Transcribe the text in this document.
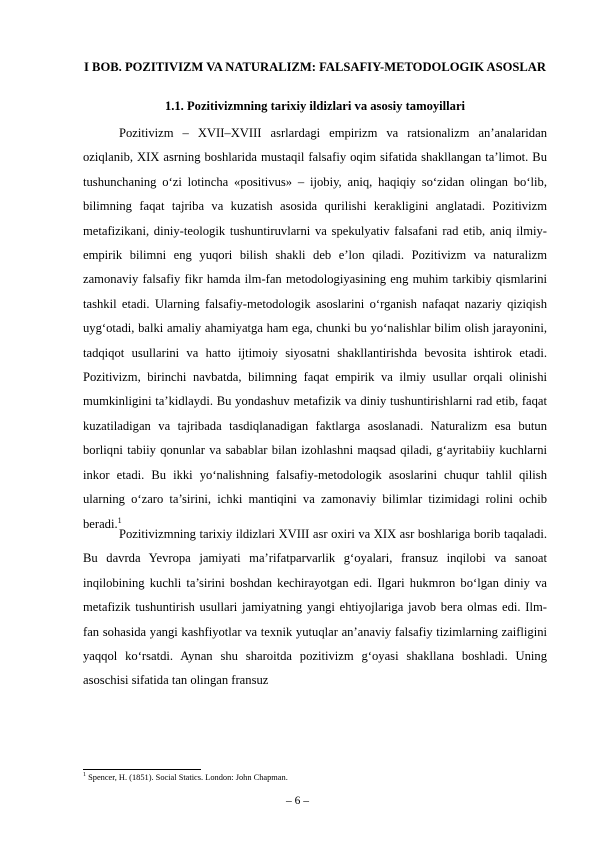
I BOB. POZITIVIZM VA NATURALIZM: FALSAFIY-METODOLOGIK ASOSLAR
1.1. Pozitivizmning tarixiy ildizlari va asosiy tamoyillari

Pozitivizm – XVII–XVIII asrlardagi empirizm va ratsionalizm an’analaridan oziqlanib, XIX asrning boshlarida mustaqil falsafiy oqim sifatida shakllangan ta’limot. Bu tushunchaning o‘zi lotincha «positivus» – ijobiy, aniq, haqiqiy so‘zidan olingan bo‘lib, bilimning faqat tajriba va kuzatish asosida qurilishi kerakligini anglatadi. Pozitivizm metafizikani, diniy-teologik tushuntiruvlarni va spekulyativ falsafani rad etib, aniq ilmiy-empirik bilimni eng yuqori bilish shakli deb e’lon qiladi. Pozitivizm va naturalizm zamonaviy falsafiy fikr hamda ilm-fan metodologiyasining eng muhim tarkibiy qismlarini tashkil etadi. Ularning falsafiy-metodologik asoslarini o‘rganish nafaqat nazariy qiziqish uyg‘otadi, balki amaliy ahamiyatga ham ega, chunki bu yo‘nalishlar bilim olish jarayonini, tadqiqot usullarini va hatto ijtimoiy siyosatni shakllantirishda bevosita ishtirok etadi. Pozitivizm, birinchi navbatda, bilimning faqat empirik va ilmiy usullar orqali olinishi mumkinligini ta’kidlaydi. Bu yondashuv metafizik va diniy tushuntirishlarni rad etib, faqat kuzatiladigan va tajribada tasdiqlanadigan faktlarga asoslanadi. Naturalizm esa butun borliqni tabiiy qonunlar va sabablar bilan izohlashni maqsad qiladi, g‘ayritabiiy kuchlarni inkor etadi. Bu ikki yo‘nalishning falsafiy-metodologik asoslarini chuqur tahlil qilish ularning o‘zaro ta’sirini, ichki mantiqini va zamonaviy bilimlar tizimidagi rolini ochib beradi.$^1$

Pozitivizmning tarixiy ildizlari XVIII asr oxiri va XIX asr boshlariga borib taqaladi. Bu davrda Yevropa jamiyati ma’rifatparvarlik g‘oyalari, fransuz inqilobi va sanoat inqilobining kuchli ta’sirini boshdan kechirayotgan edi. Ilgari hukmron bo‘lgan diniy va metafizik tushuntirish usullari jamiyatning yangi ehtiyojlariga javob bera olmas edi. Ilm-fan sohasida yangi kashfiyotlar va texnik yutuqlar an’anaviy falsafiy tizimlarning zaifligini yaqqol ko‘rsatdi. Aynan shu sharoitda pozitivizm g‘oyasi shakllana boshladi. Uning asoschisi sifatida tan olingan fransuz

$^1$ Spencer, H. (1851). Social Statics. London: John Chapman.
– 6 –
